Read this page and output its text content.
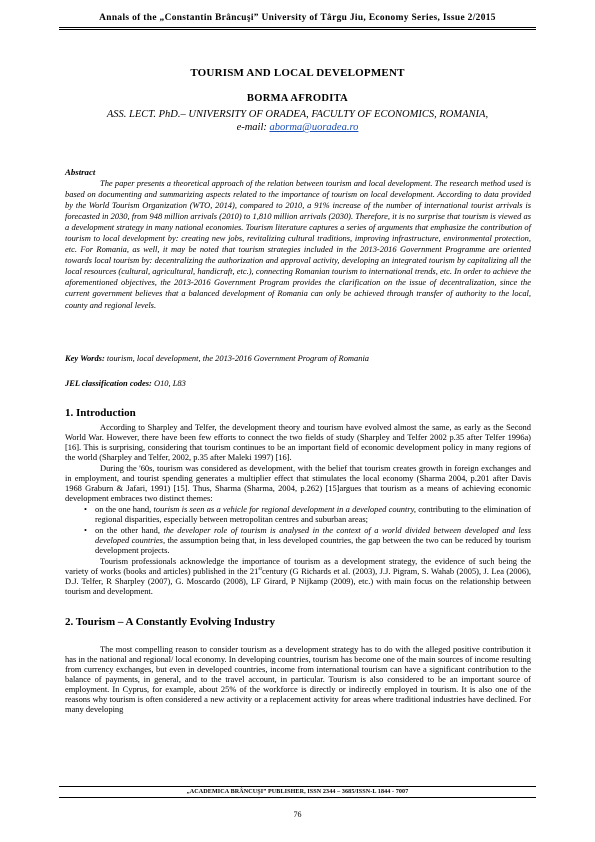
Annals of the „Constantin Brâncuşi” University of Târgu Jiu, Economy Series, Issue 2/2015
TOURISM AND LOCAL DEVELOPMENT
BORMA AFRODITA
ASS. LECT. PhD.– UNIVERSITY OF ORADEA, FACULTY OF ECONOMICS, ROMANIA,
e-mail: aborma@uoradea.ro
Abstract

The paper presents a theoretical approach of the relation between tourism and local development. The research method used is based on documenting and summarizing aspects related to the importance of tourism on local development. According to data provided by the World Tourism Organization (WTO, 2014), compared to 2010, a 91% increase of the number of international tourist arrivals is forecasted in 2030, from 948 million arrivals (2010) to 1,810 million arrivals (2030). Therefore, it is no surprise that tourism is viewed as a development strategy in many national economies. Tourism literature captures a series of arguments that emphasize the contribution of tourism to local development by: creating new jobs, revitalizing cultural traditions, improving infrastructure, environmental protection, etc. For Romania, as well, it may be noted that tourism strategies included in the 2013-2016 Government Programme are oriented towards local tourism by: decentralizing the authorization and approval activity, developing an integrated tourism by capitalizing all the local resources (cultural, agricultural, handicraft, etc.), connecting Romanian tourism to international trends, etc. In order to achieve the aforementioned objectives, the 2013-2016 Government Program provides the clarification on the issue of decentralization, since the current government believes that a balanced development of Romania can only be achieved through transfer of authority to the local, county and regional levels.

Key Words: tourism, local development, the 2013-2016 Government Program of Romania
JEL classification codes: O10, L83
1. Introduction

According to Sharpley and Telfer, the development theory and tourism have evolved almost the same, as early as the Second World War. However, there have been few efforts to connect the two fields of study (Sharpley and Telfer 2002 p.35 after Telfer 1996a) [16]. This is surprising, considering that tourism continues to be an important field of economic development policy in many regions of the world (Sharpley and Telfer, 2002, p.35 after Maleki 1997) [16].

During the '60s, tourism was considered as development, with the belief that tourism creates growth in foreign exchanges and in employment, and tourist spending generates a multiplier effect that stimulates the local economy (Sharma 2004, p.201 after Davis 1968 Graburn & Jafari, 1991) [15]. Thus, Sharma (Sharma, 2004, p.262) [15]argues that tourism as a means of achieving economic development embraces two distinct themes:

• on the one hand, tourism is seen as a vehicle for regional development in a developed country, contributing to the elimination of regional disparities, especially between metropolitan centres and suburban areas;
• on the other hand, the developer role of tourism is analysed in the context of a world divided between developed and less developed countries, the assumption being that, in less developed countries, the gap between the two can be reduced by tourism development projects.

Tourism professionals acknowledge the importance of tourism as a development strategy, the evidence of such being the variety of works (books and articles) published in the 21stcentury (G Richards et al. (2003), J.J. Pigram, S. Wahab (2005), J. Lea (2006), D.J. Telfer, R Sharpley (2007), G. Moscardo (2008), LF Girard, P Nijkamp (2009), etc.) with main focus on the relationship between tourism and development.

2. Tourism – A Constantly Evolving Industry

The most compelling reason to consider tourism as a development strategy has to do with the alleged positive contribution it has in the national and regional/ local economy. In developing countries, tourism has become one of the main sources of income resulting from currency exchanges, but even in developed countries, income from international tourism can have a significant contribution to the balance of payments, in general, and to the travel account, in particular. Tourism is also considered to be an important source of employment. In Cyprus, for example, about 25% of the workforce is directly or indirectly employed in tourism. It is also one of the reasons why tourism is often considered a new activity or a replacement activity for areas where traditional industries have declined. For many developing

„ACADEMICA BRÂNCUŞI” PUBLISHER, ISSN 2344 – 3685/ISSN-L 1844 - 7007
76
